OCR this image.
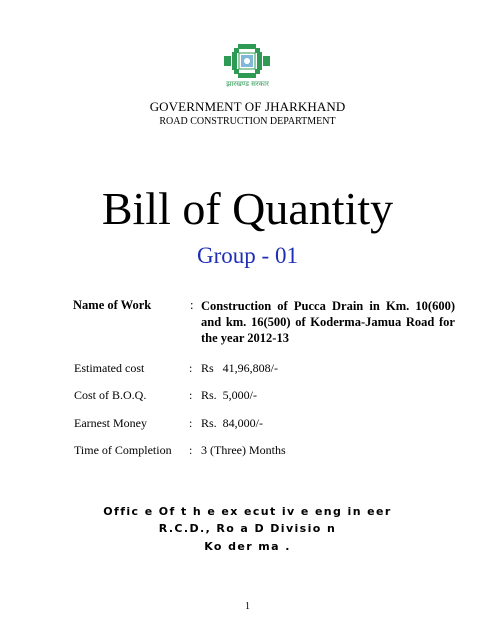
झारखण्ड सरकार
GOVERNMENT OF JHARKHAND
ROAD CONSTRUCTION DEPARTMENT
Bill of Quantity
Group - 01
Name of Work	: Construction of Pucca Drain in Km. 10(600) and km. 16(500) of Koderma-Jamua Road for the year 2012-13
Estimated cost	: Rs   41,96,808/-
Cost of B.O.Q.	: Rs.  5,000/-
Earnest Money	: Rs.  84,000/-
Time of Completion : 3 (Three) Months
Offic e Of t h e ex ecut iv e eng in eer
R.C.D., Ro a D Divisio n
Ko der ma .
1
